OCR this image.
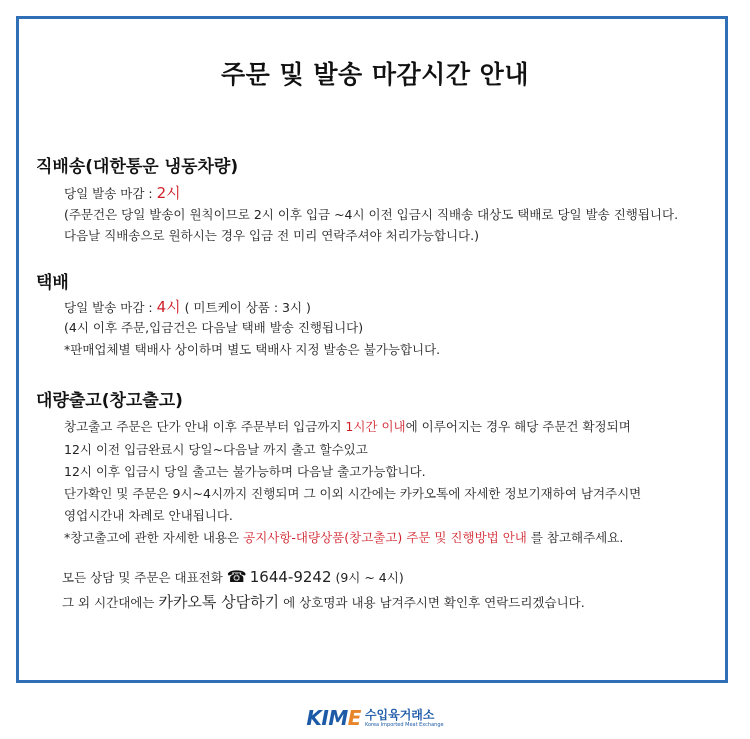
주문 및 발송 마감시간 안내
직배송(대한통운 냉동차량)
당일 발송 마감 : 2시
(주문건은 당일 발송이 원칙이므로 2시 이후 입금 ~4시 이전 입금시 직배송 대상도 택배로 당일 발송 진행됩니다.
다음날 직배송으로 원하시는 경우 입금 전 미리 연락주셔야 처리가능합니다.)
택배
당일 발송 마감 : 4시 ( 미트케이 상품 : 3시 )
(4시 이후 주문,입금건은 다음날 택배 발송 진행됩니다)
*판매업체별 택배사 상이하며 별도 택배사 지정 발송은 불가능합니다.
대량출고(창고출고)
창고출고 주문은 단가 안내 이후 주문부터 입금까지 1시간 이내에 이루어지는 경우 해당 주문건 확정되며
12시 이전 입금완료시 당일~다음날 까지 출고 할수있고
12시 이후 입금시 당일 출고는 불가능하며 다음날 출고가능합니다.
단가확인 및 주문은 9시~4시까지 진행되며 그 이외 시간에는 카카오톡에 자세한 정보기재하여 남겨주시면
영업시간내 차례로 안내됩니다.
*창고출고에 관한 자세한 내용은 공지사항-대량상품(창고출고) 주문 및 진행방법 안내 를 참고해주세요.
모든 상담 및 주문은 대표전화 ☎ 1644-9242 (9시 ~ 4시)
그 외 시간대에는 카카오톡 상담하기 에 상호명과 내용 남겨주시면 확인후 연락드리겠습니다.
KIME 수입육거래소
Korea Imported Meat Exchange
